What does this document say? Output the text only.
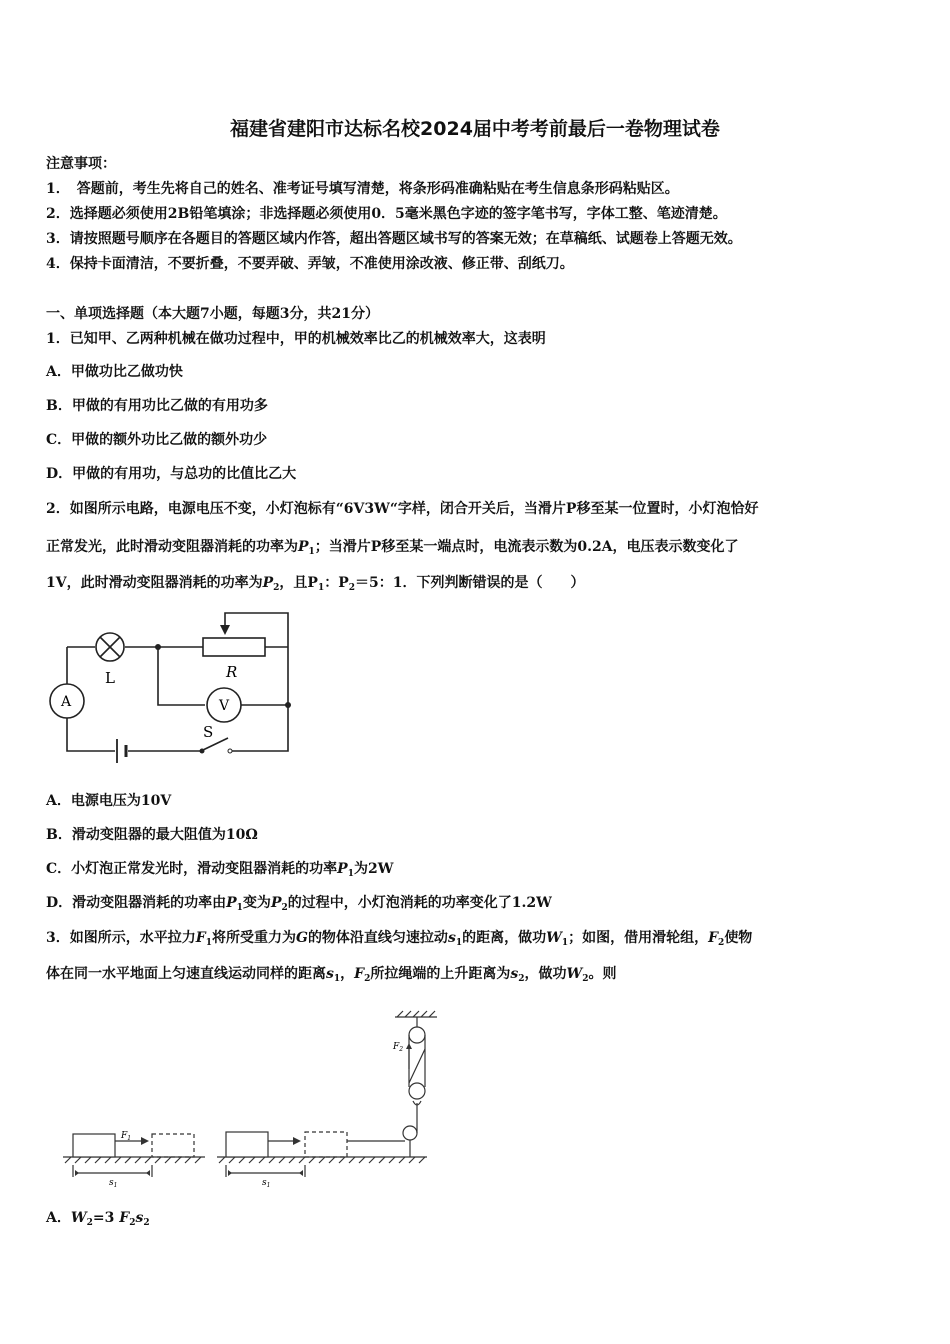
福建省建阳市达标名校2024届中考考前最后一卷物理试卷
注意事项：
1．　答题前，考生先将自己的姓名、准考证号填写清楚，将条形码准确粘贴在考生信息条形码粘贴区。
2．选择题必须使用2B铅笔填涂；非选择题必须使用0．5毫米黑色字迹的签字笔书写，字体工整、笔迹清楚。
3．请按照题号顺序在各题目的答题区域内作答，超出答题区域书写的答案无效；在草稿纸、试题卷上答题无效。
4．保持卡面清洁，不要折叠，不要弄破、弄皱，不准使用涂改液、修正带、刮纸刀。
一、单项选择题（本大题7小题，每题3分，共21分）
1．已知甲、乙两种机械在做功过程中，甲的机械效率比乙的机械效率大，这表明
A．甲做功比乙做功快
B．甲做的有用功比乙做的有用功多
C．甲做的额外功比乙做的额外功少
D．甲做的有用功，与总功的比值比乙大
2．如图所示电路，电源电压不变，小灯泡标有“6V3W“字样，闭合开关后，当滑片P移至某一位置时，小灯泡恰好
正常发光，此时滑动变阻器消耗的功率为$P_1$；当滑片P移至某一端点时，电流表示数为0.2A，电压表示数变化了
1V，此时滑动变阻器消耗的功率为$P_2$，且$P_1$：$P_2=5$：1．下列判断错误的是（　　）
L	R
A	V
S
A．电源电压为10V
B．滑动变阻器的最大阻值为10Ω
C．小灯泡正常发光时，滑动变阻器消耗的功率$P_1$为2W
D．滑动变阻器消耗的功率由$P_1$变为$P_2$的过程中，小灯泡消耗的功率变化了1.2W
3．如图所示，水平拉力$F_1$将所受重力为G的物体沿直线匀速拉动$s_1$的距离，做功$W_1$；如图，借用滑轮组，$F_2$使物
体在同一水平地面上匀速直线运动同样的距离$s_1$，$F_2$所拉绳端的上升距离为$s_2$，做功$W_2$。则
$F_1$
$F_2$
$s_1$	$s_1$
A．$W_2=3$ $F_2s_2$
